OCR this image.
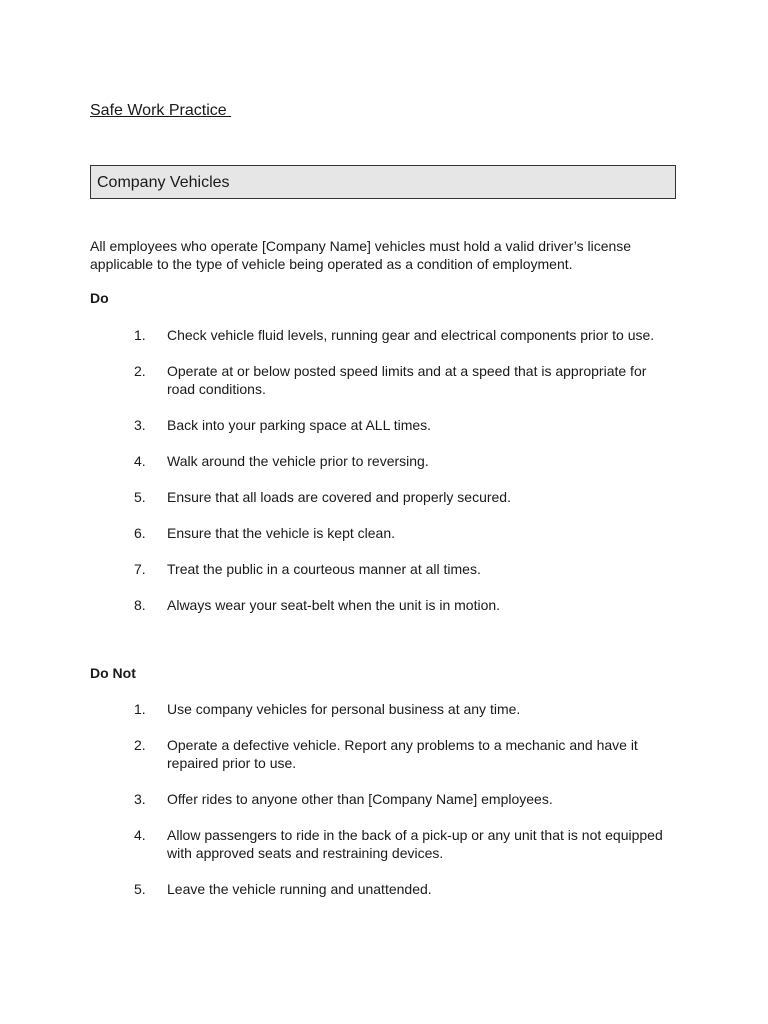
Safe Work Practice
Company Vehicles
All employees who operate [Company Name] vehicles must hold a valid driver’s license applicable to the type of vehicle being operated as a condition of employment.
Do
1.	Check vehicle fluid levels, running gear and electrical components prior to use.
2.	Operate at or below posted speed limits and at a speed that is appropriate for road conditions.
3.	Back into your parking space at ALL times.
4.	Walk around the vehicle prior to reversing.
5.	Ensure that all loads are covered and properly secured.
6.	Ensure that the vehicle is kept clean.
7.	Treat the public in a courteous manner at all times.
8.	Always wear your seat-belt when the unit is in motion.
Do Not
1.	Use company vehicles for personal business at any time.
2.	Operate a defective vehicle. Report any problems to a mechanic and have it repaired prior to use.
3.	Offer rides to anyone other than [Company Name] employees.
4.	Allow passengers to ride in the back of a pick-up or any unit that is not equipped with approved seats and restraining devices.
5.	Leave the vehicle running and unattended.
